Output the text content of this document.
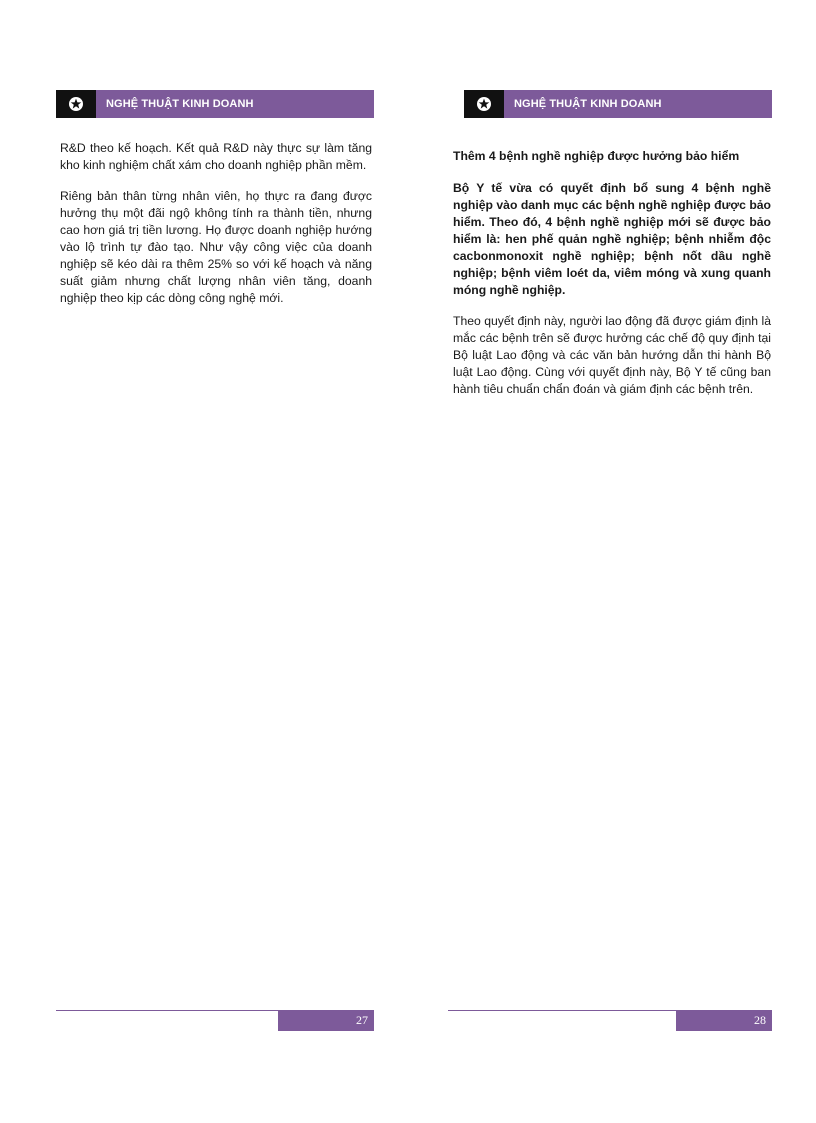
NGHỆ THUẬT KINH DOANH

R&D theo kế hoạch. Kết quả R&D này thực sự làm tăng kho kinh nghiệm chất xám cho doanh nghiệp phần mềm.

Riêng bản thân từng nhân viên, họ thực ra đang được hưởng thụ một đãi ngộ không tính ra thành tiền, nhưng cao hơn giá trị tiền lương. Họ được doanh nghiệp hướng vào lộ trình tự đào tạo. Như vậy công việc của doanh nghiệp sẽ kéo dài ra thêm 25% so với kế hoạch và năng suất giảm nhưng chất lượng nhân viên tăng, doanh nghiệp theo kịp các dòng công nghệ mới.

27
NGHỆ THUẬT KINH DOANH
Thêm 4 bệnh nghề nghiệp được hưởng bảo hiểm

Bộ Y tế vừa có quyết định bổ sung 4 bệnh nghề nghiệp vào danh mục các bệnh nghề nghiệp được bảo hiểm. Theo đó, 4 bệnh nghề nghiệp mới sẽ được bảo hiểm là: hen phế quản nghề nghiệp; bệnh nhiễm độc cacbonmonoxit nghề nghiệp; bệnh nốt dầu nghề nghiệp; bệnh viêm loét da, viêm móng và xung quanh móng nghề nghiệp.

Theo quyết định này, người lao động đã được giám định là mắc các bệnh trên sẽ được hưởng các chế độ quy định tại Bộ luật Lao động và các văn bản hướng dẫn thi hành Bộ luật Lao động. Cùng với quyết định này, Bộ Y tế cũng ban hành tiêu chuẩn chẩn đoán và giám định các bệnh trên.

28
